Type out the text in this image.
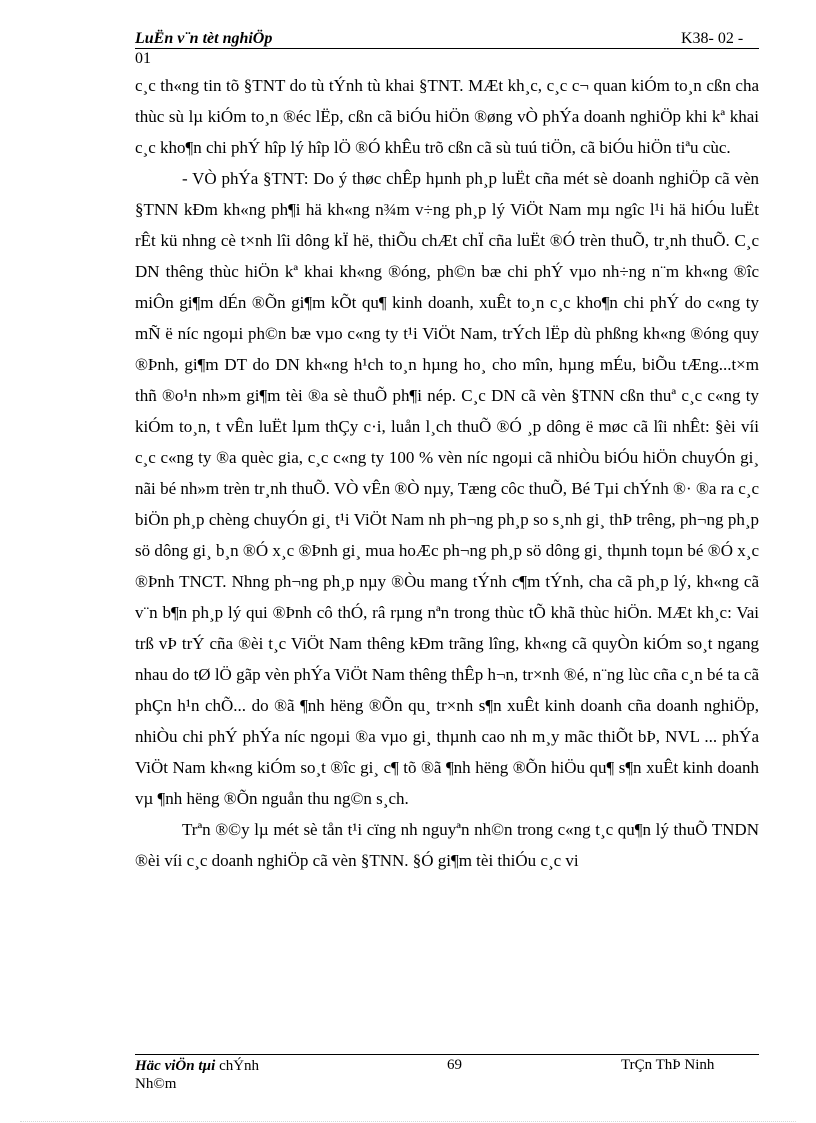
LuËn v¨n tèt nghiÖp	K38- 02 -
01

c¸c th«ng tin tõ §TNT do tù tÝnh tù khai §TNT. MÆt kh¸c, c¸c c¬ quan kiÓm to¸n cßn cha thùc sù lµ kiÓm to¸n ®éc lËp, cßn cã biÓu hiÖn ®øng vÒ phÝa doanh nghiÖp khi kª khai c¸c kho¶n chi phÝ hîp lý hîp lÖ ®Ó khÊu trõ cßn cã sù tuú tiÖn, cã biÓu hiÖn tiªu cùc.

- VÒ phÝa §TNT: Do ý thøc chÊp hµnh ph¸p luËt cña mét sè doanh nghiÖp cã vèn §TNN kÐm kh«ng ph¶i hä kh«ng n¾m v÷ng ph¸p lý ViÖt Nam mµ ngîc l¹i hä hiÓu luËt rÊt kü nhng cè t×nh lîi dông kÏ hë, thiÕu chÆt chÏ cña luËt ®Ó trèn thuÕ, tr¸nh thuÕ. C¸c DN thêng thùc hiÖn kª khai kh«ng ®óng, ph©n bæ chi phÝ vµo nh÷ng n¨m kh«ng ®îc miÔn gi¶m dÉn ®Õn gi¶m kÕt qu¶ kinh doanh, xuÊt to¸n c¸c kho¶n chi phÝ do c«ng ty mÑ ë níc ngoµi ph©n bæ vµo c«ng ty t¹i ViÖt Nam, trÝch lËp dù phßng kh«ng ®óng quy ®Þnh, gi¶m DT do DN kh«ng h¹ch to¸n hµng ho¸ cho mîn, hµng mÉu, biÕu tÆng...t×m thñ ®o¹n nh»m gi¶m tèi ®a sè thuÕ ph¶i nép. C¸c DN cã vèn §TNN cßn thuª c¸c c«ng ty kiÓm to¸n, t vÊn luËt lµm thÇy c·i, luån l¸ch thuÕ ®Ó ¸p dông ë møc cã lîi nhÊt: §èi víi c¸c c«ng ty ®a quèc gia, c¸c c«ng ty 100 % vèn níc ngoµi cã nhiÒu biÓu hiÖn chuyÓn gi¸ nãi bé nh»m trèn tr¸nh thuÕ. VÒ vÊn ®Ò nµy, Tæng côc thuÕ, Bé Tµi chÝnh ®· ®a ra c¸c biÖn ph¸p chèng chuyÓn gi¸ t¹i ViÖt Nam nh ph¬ng ph¸p so s¸nh gi¸ thÞ trêng, ph¬ng ph¸p sö dông gi¸ b¸n ®Ó x¸c ®Þnh gi¸ mua hoÆc ph¬ng ph¸p sö dông gi¸ thµnh toµn bé ®Ó x¸c ®Þnh TNCT. Nhng ph¬ng ph¸p nµy ®Òu mang tÝnh c¶m tÝnh, cha cã ph¸p lý, kh«ng cã v¨n b¶n ph¸p lý qui ®Þnh cô thÓ, râ rµng nªn trong thùc tÕ khã thùc hiÖn. MÆt kh¸c: Vai trß vÞ trÝ cña ®èi t¸c ViÖt Nam thêng kÐm trãng lîng, kh«ng cã quyÒn kiÓm so¸t ngang nhau do tØ lÖ gãp vèn phÝa ViÖt Nam thêng thÊp h¬n, tr×nh ®é, n¨ng lùc cña c¸n bé ta cã phÇn h¹n chÕ... do ®ã ¶nh hëng ®Õn qu¸ tr×nh s¶n xuÊt kinh doanh cña doanh nghiÖp, nhiÒu chi phÝ phÝa níc ngoµi ®a vµo gi¸ thµnh cao nh m¸y mãc thiÕt bÞ, NVL ... phÝa ViÖt Nam kh«ng kiÓm so¸t ®îc gi¸ c¶ tõ ®ã ¶nh hëng ®Õn hiÖu qu¶ s¶n xuÊt kinh doanh vµ ¶nh hëng ®Õn nguån thu ng©n s¸ch.

Trªn ®©y lµ mét sè tån t¹i cïng nh nguyªn nh©n trong c«ng t¸c qu¶n lý thuÕ TNDN ®èi víi c¸c doanh nghiÖp cã vèn §TNN. §Ó gi¶m tèi thiÓu c¸c vi

Häc viÖn tµi chÝnh
Nh©m
69	TrÇn ThÞ Ninh
